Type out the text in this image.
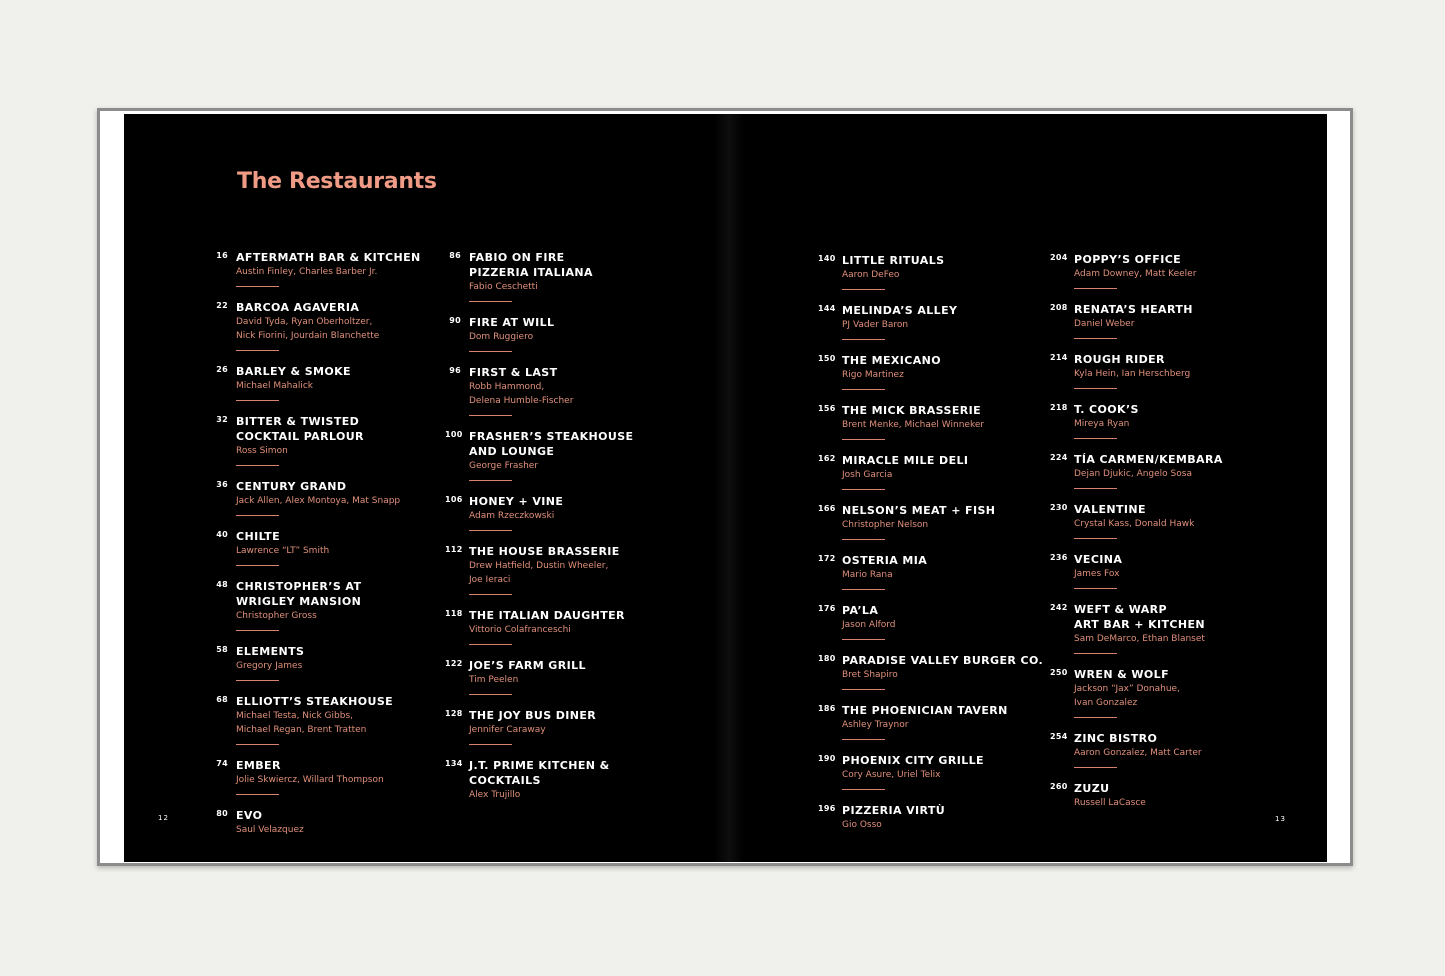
The Restaurants
16 AFTERMATH BAR & KITCHEN
Austin Finley, Charles Barber Jr.
22 BARCOA AGAVERIA
David Tyda, Ryan Oberholtzer,
Nick Fiorini, Jourdain Blanchette
26 BARLEY & SMOKE
Michael Mahalick
32 BITTER & TWISTED
COCKTAIL PARLOUR
Ross Simon
36 CENTURY GRAND
Jack Allen, Alex Montoya, Mat Snapp
40 CHILTE
Lawrence “LT” Smith
48 CHRISTOPHER’S AT
WRIGLEY MANSION
Christopher Gross
58 ELEMENTS
Gregory James
68 ELLIOTT’S STEAKHOUSE
Michael Testa, Nick Gibbs,
Michael Regan, Brent Tratten
74 EMBER
Jolie Skwiercz, Willard Thompson
80 EVO
Saul Velazquez
86 FABIO ON FIRE
PIZZERIA ITALIANA
Fabio Ceschetti
90 FIRE AT WILL
Dom Ruggiero
96 FIRST & LAST
Robb Hammond,
Delena Humble-Fischer
100 FRASHER’S STEAKHOUSE
AND LOUNGE
George Frasher
106 HONEY + VINE
Adam Rzeczkowski
112 THE HOUSE BRASSERIE
Drew Hatfield, Dustin Wheeler,
Joe Ieraci
118 THE ITALIAN DAUGHTER
Vittorio Colafranceschi
122 JOE’S FARM GRILL
Tim Peelen
128 THE JOY BUS DINER
Jennifer Caraway
134 J.T. PRIME KITCHEN &
COCKTAILS
Alex Trujillo
140 LITTLE RITUALS
Aaron DeFeo
144 MELINDA’S ALLEY
PJ Vader Baron
150 THE MEXICANO
Rigo Martinez
156 THE MICK BRASSERIE
Brent Menke, Michael Winneker
162 MIRACLE MILE DELI
Josh Garcia
166 NELSON’S MEAT + FISH
Christopher Nelson
172 OSTERIA MIA
Mario Rana
176 PA’LA
Jason Alford
180 PARADISE VALLEY BURGER CO.
Bret Shapiro
186 THE PHOENICIAN TAVERN
Ashley Traynor
190 PHOENIX CITY GRILLE
Cory Asure, Uriel Telix
196 PIZZERIA VIRTÙ
Gio Osso
204 POPPY’S OFFICE
Adam Downey, Matt Keeler
208 RENATA’S HEARTH
Daniel Weber
214 ROUGH RIDER
Kyla Hein, Ian Herschberg
218 T. COOK’S
Mireya Ryan
224 TÍA CARMEN/KEMBARA
Dejan Djukic, Angelo Sosa
230 VALENTINE
Crystal Kass, Donald Hawk
236 VECINA
James Fox
242 WEFT & WARP
ART BAR + KITCHEN
Sam DeMarco, Ethan Blanset
250 WREN & WOLF
Jackson “Jax” Donahue,
Ivan Gonzalez
254 ZINC BISTRO
Aaron Gonzalez, Matt Carter
260 ZUZU
Russell LaCasce
12	13
